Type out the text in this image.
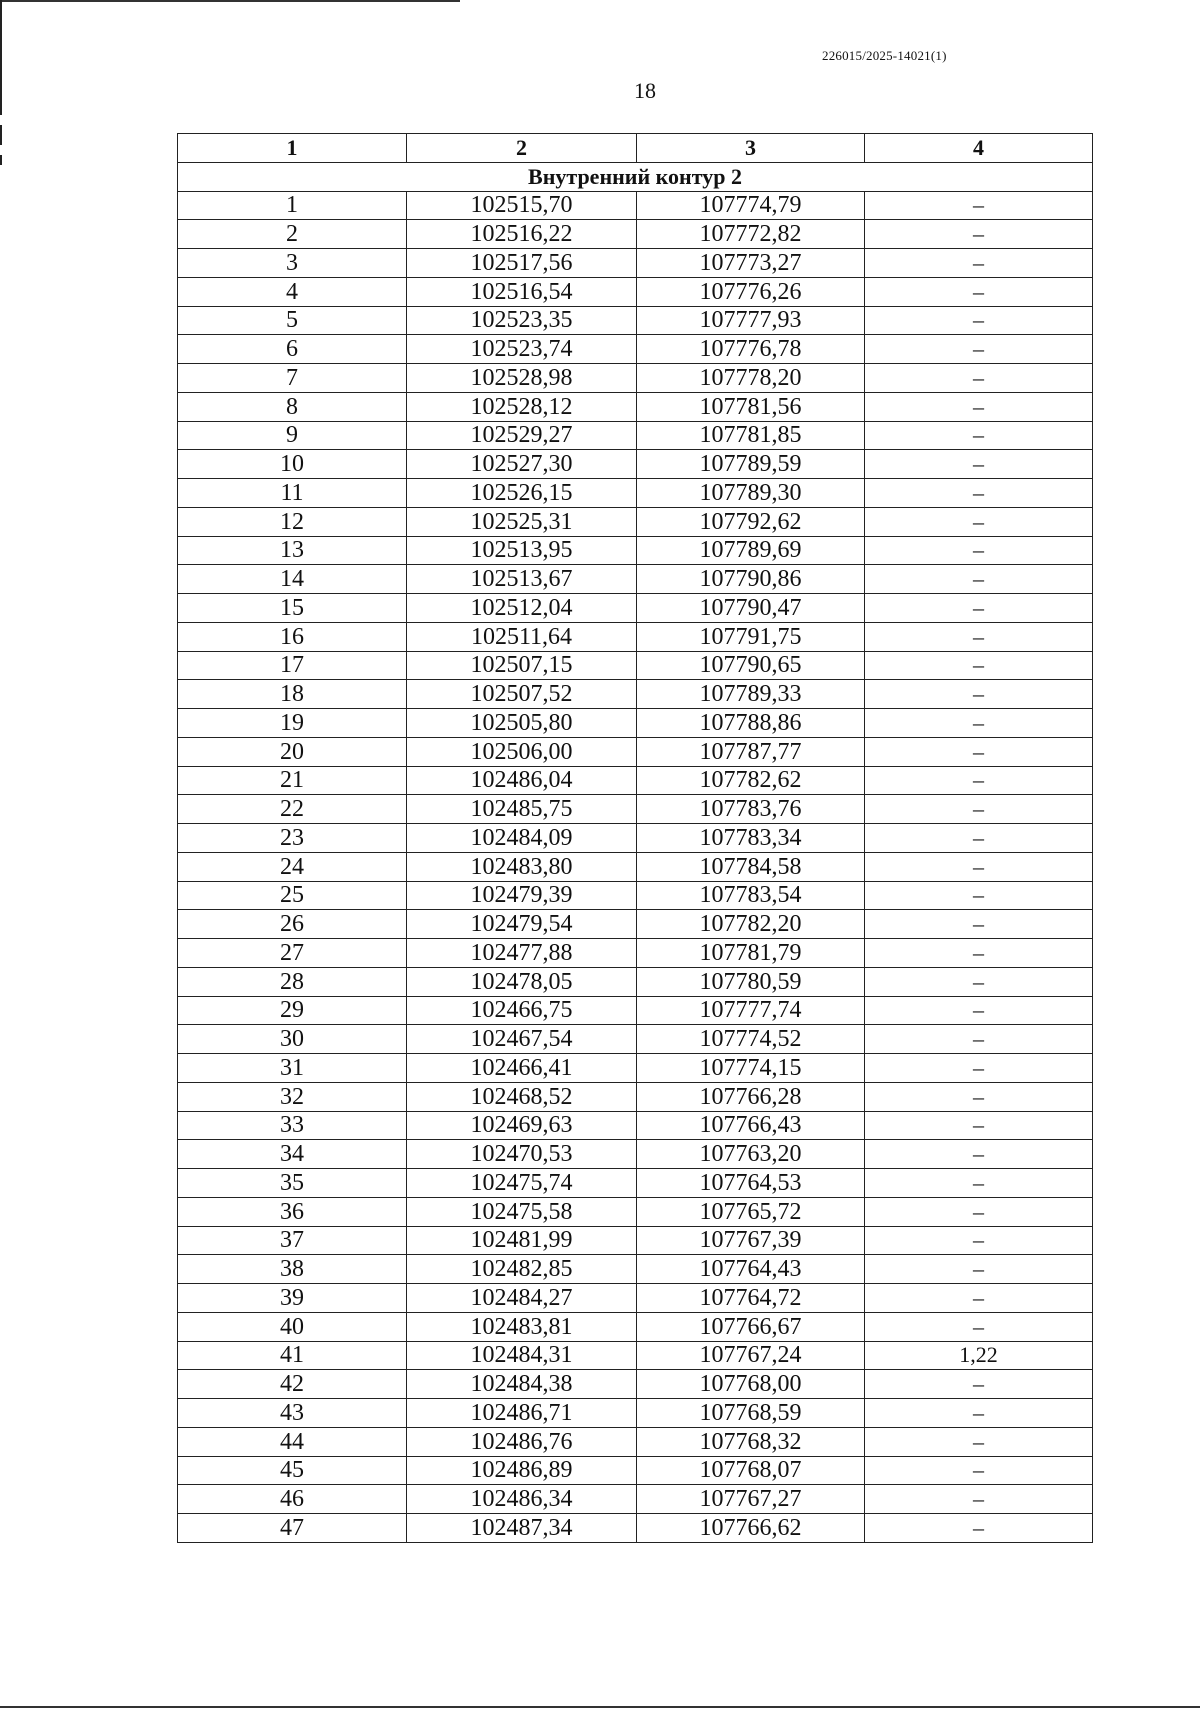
226015/2025-14021(1)
18
1	2	3	4
Внутренний контур 2			
1	102515,70	107774,79	–
2	102516,22	107772,82	–
3	102517,56	107773,27	–
4	102516,54	107776,26	–
5	102523,35	107777,93	–
6	102523,74	107776,78	–
7	102528,98	107778,20	–
8	102528,12	107781,56	–
9	102529,27	107781,85	–
10	102527,30	107789,59	–
11	102526,15	107789,30	–
12	102525,31	107792,62	–
13	102513,95	107789,69	–
14	102513,67	107790,86	–
15	102512,04	107790,47	–
16	102511,64	107791,75	–
17	102507,15	107790,65	–
18	102507,52	107789,33	–
19	102505,80	107788,86	–
20	102506,00	107787,77	–
21	102486,04	107782,62	–
22	102485,75	107783,76	–
23	102484,09	107783,34	–
24	102483,80	107784,58	–
25	102479,39	107783,54	–
26	102479,54	107782,20	–
27	102477,88	107781,79	–
28	102478,05	107780,59	–
29	102466,75	107777,74	–
30	102467,54	107774,52	–
31	102466,41	107774,15	–
32	102468,52	107766,28	–
33	102469,63	107766,43	–
34	102470,53	107763,20	–
35	102475,74	107764,53	–
36	102475,58	107765,72	–
37	102481,99	107767,39	–
38	102482,85	107764,43	–
39	102484,27	107764,72	–
40	102483,81	107766,67	–
41	102484,31	107767,24	1,22
42	102484,38	107768,00	–
43	102486,71	107768,59	–
44	102486,76	107768,32	–
45	102486,89	107768,07	–
46	102486,34	107767,27	–
47	102487,34	107766,62	–
